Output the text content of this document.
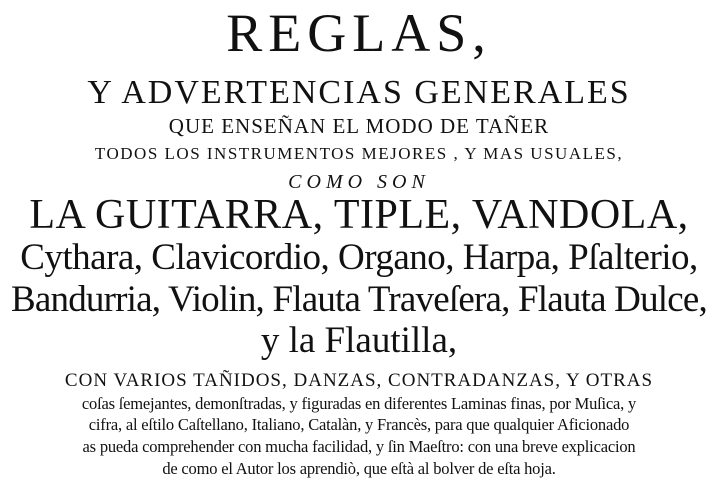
REGLAS,
Y ADVERTENCIAS GENERALES
QUE ENSEÑAN EL MODO DE TAÑER
TODOS LOS INSTRUMENTOS MEJORES , Y MAS USUALES,
COMO SON
LA GUITARRA, TIPLE, VANDOLA,
Cythara, Clavicordio, Organo, Harpa, Pſalterio,
Bandurria, Violin, Flauta Traveſera, Flauta Dulce,
y la Flautilla,
CON VARIOS TAÑIDOS, DANZAS, CONTRADANZAS, Y OTRAS
coſas ſemejantes, demonſtradas, y figuradas en diferentes Laminas finas, por Muſica, y
cifra, al eſtilo Caſtellano, Italiano, Catalàn, y Francès, para que qualquier Aficionado
as pueda comprehender con mucha facilidad, y ſin Maeſtro: con una breve explicacion
de como el Autor los aprendiò, que eſtà al bolver de eſta hoja.
